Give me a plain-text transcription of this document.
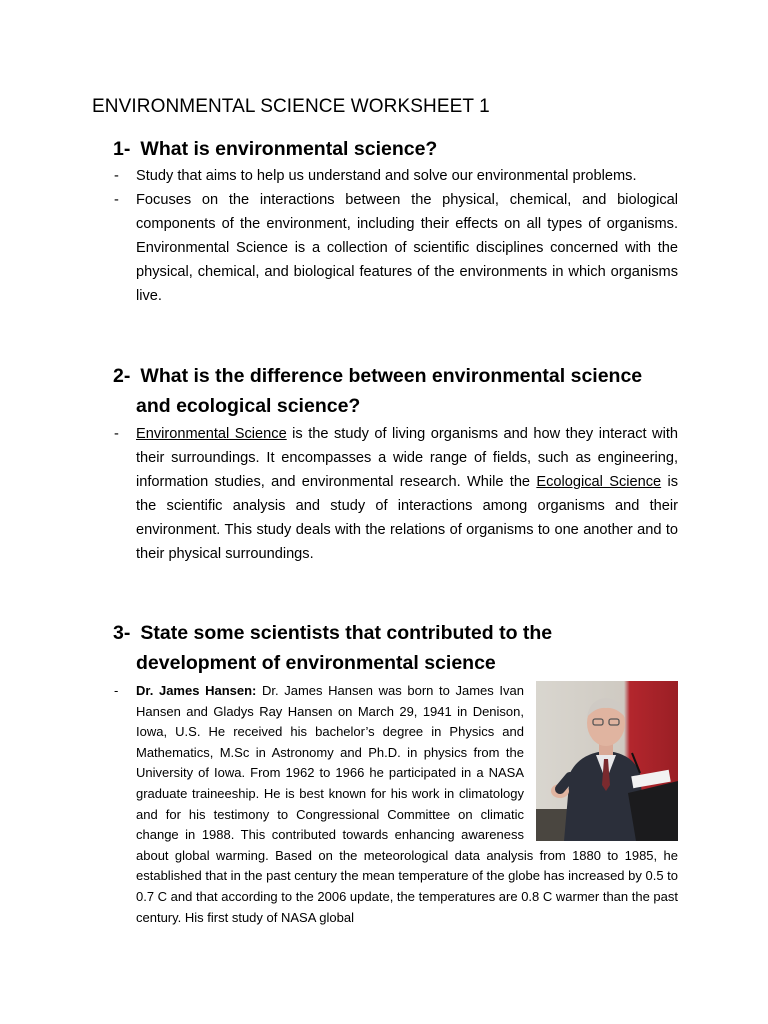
ENVIRONMENTAL SCIENCE WORKSHEET 1
1- What is environmental science?
- Study that aims to help us understand and solve our environmental problems.
- Focuses on the interactions between the physical, chemical, and biological components of the environment, including their effects on all types of organisms. Environmental Science is a collection of scientific disciplines concerned with the physical, chemical, and biological features of the environments in which organisms live.
2- What is the difference between environmental science
and ecological science?
- Environmental Science is the study of living organisms and how they interact with their surroundings. It encompasses a wide range of fields, such as engineering, information studies, and environmental research. While the Ecological Science is the scientific analysis and study of interactions among organisms and their environment. This study deals with the relations of organisms to one another and to their physical surroundings.
3- State some scientists that contributed to the
development of environmental science
-	Dr. James Hansen: Dr. James Hansen was born to James Ivan Hansen and Gladys Ray Hansen on March 29, 1941 in Denison, Iowa, U.S. He received his bachelor’s degree in Physics and Mathematics, M.Sc in Astronomy and Ph.D. in physics from the University of Iowa. From 1962 to 1966 he participated in a NASA graduate traineeship. He is best known for his work in climatology and for his testimony to Congressional Committee on climatic change in 1988. This contributed towards enhancing awareness about global warming. Based on the meteorological data analysis from 1880 to 1985, he established that in the past century the mean temperature of the globe has increased by 0.5 to 0.7 C and that according to the 2006 update, the temperatures are 0.8 C warmer than the past century. His first study of NASA global
